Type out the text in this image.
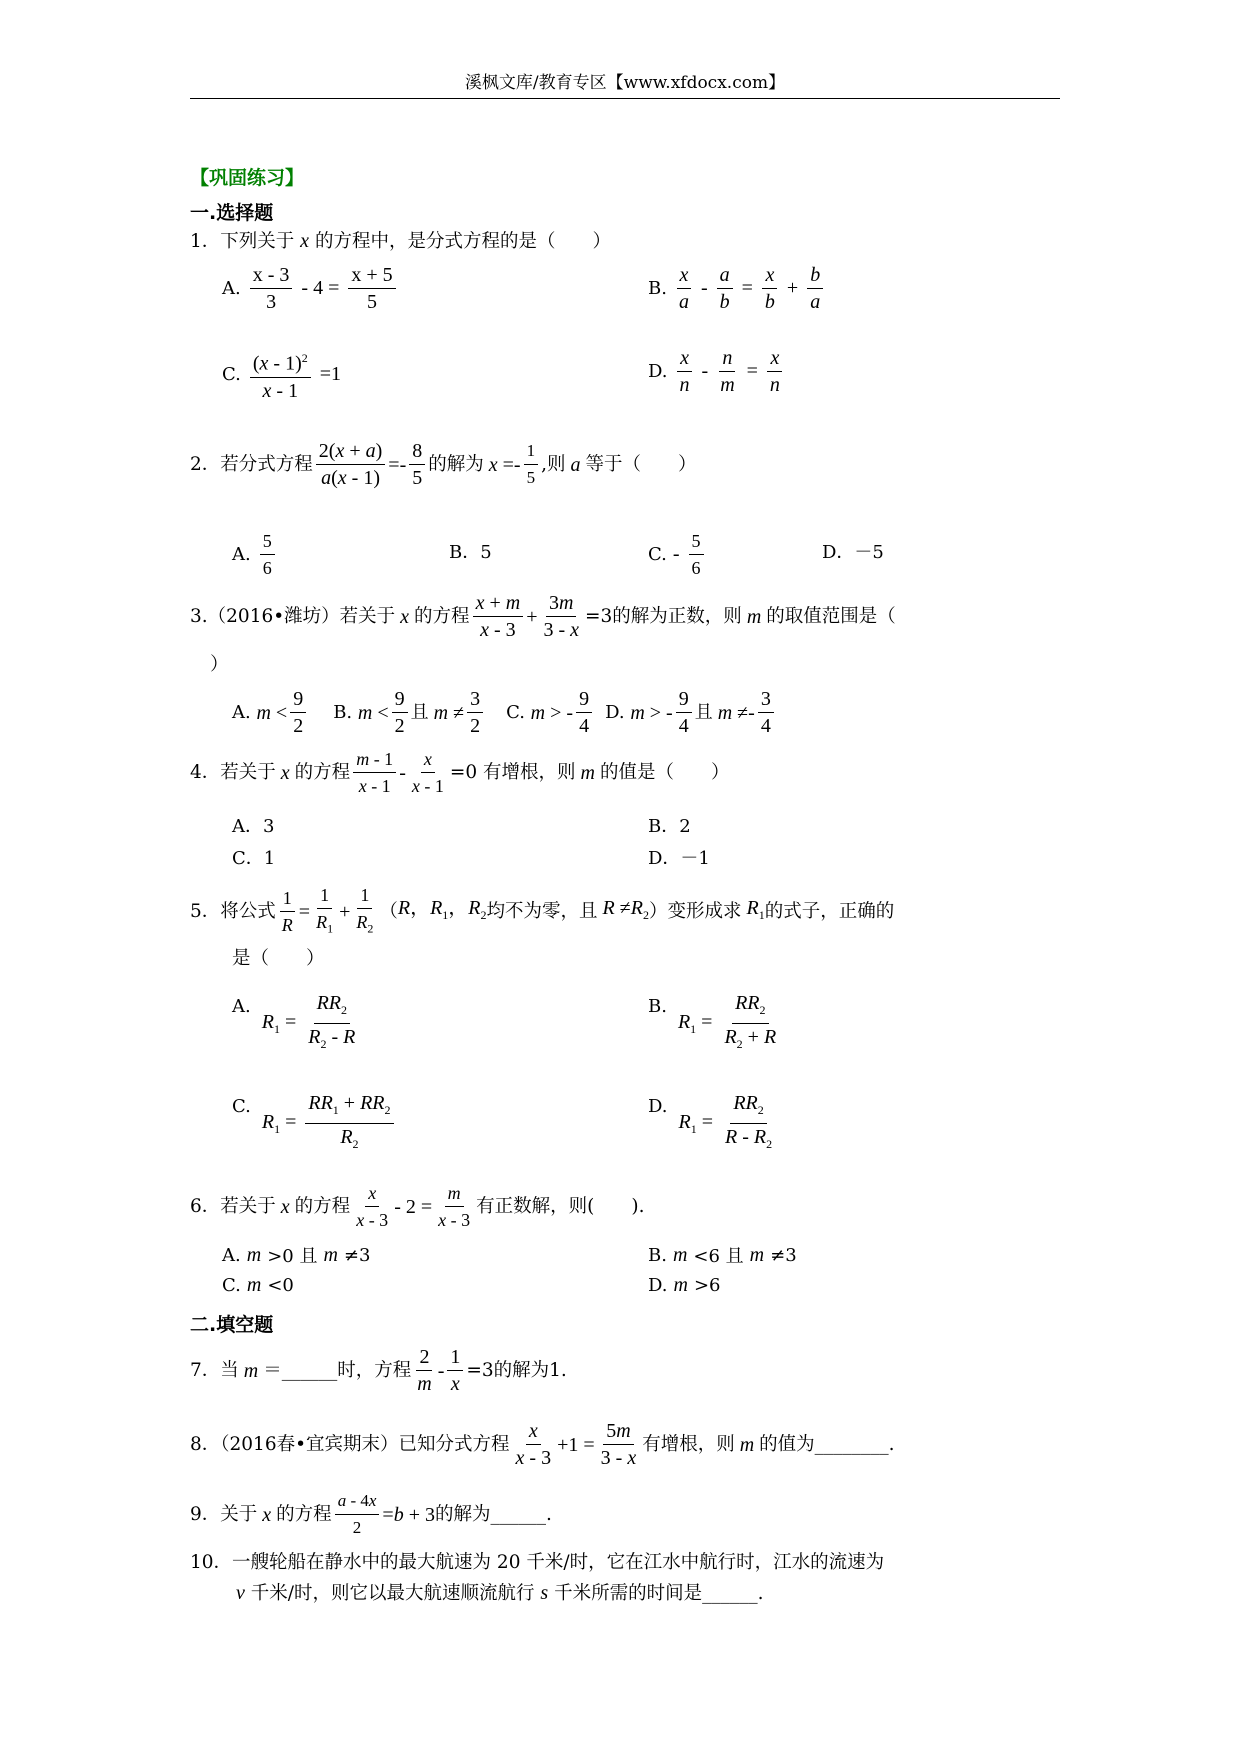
溪枫文库/教育专区【www.xfdocx.com】
【巩固练习】
一.选择题
1．下列关于 x 的方程中，是分式方程的是（　　）
A. $\frac{x - 3}{3} - 4 = \frac{x + 5}{5}$	B. $\frac{x}{a} - \frac{a}{b} = \frac{x}{b} + \frac{b}{a}$
C. $\frac{(x - 1)^2}{x - 1} =1$	D. $\frac{x}{n} - \frac{n}{m} = \frac{x}{n}$
2．若分式方程 $\frac{2(x + a)}{a(x - 1)} =- \frac{8}{5}$ 的解为 $x =- \frac{1}{5}$ , 则 a 等于（　　）
A. $\frac{5}{6}$	B．5	C. - $\frac{5}{6}$	D．－5
3.（2016•潍坊）若关于 x 的方程 $\frac{x + m}{x - 3} + \frac{3m}{3 - x} =3$的解为正数，则 m 的取值范围是（
）
A.
$m < \frac{9}{2} B$.
$m < \frac{9}{2}$ 且 $m \ne \frac{3}{2} C$.
m > - $\frac{9}{4} D$.
m > - $\frac{9}{4}$ 且 $m \ne- \frac{3}{4}$
4．若关于 x 的方程 $\frac{m - 1}{x - 1} - \frac{x}{x - 1} =0$ 有增根，则 m 的值是（　　）
A．3	B．2
C．1	D．－1
5．将公式 $\frac{1}{R} = \frac{1}{R_1} + \frac{1}{R_2}$ （ R，$R_1$，$R_2$ 均不为零，且 $R \ne R_2$ ）变形成求 $R_1$ 的式子，正确的
是（　　）
A.
$R_1 = \frac{RR_2}{R_2 - R}$	B.
$R_1 = \frac{RR_2}{R_2 + R}$
C.
$R_1 = \frac{RR_1 + RR_2}{R_2}$	D.
$R_1 = \frac{RR_2}{R - R_2}$
6．若关于 x 的方程 $\frac{x}{x - 3} - 2 = \frac{m}{x - 3}$ 有正数解，则(　　).
A. m >0 且 m ≠3	B. m <6 且 m ≠3
C. m <0	D. m >6
二.填空题
7．当 m ＝______时，方程 $\frac{2}{m} - \frac{1}{x} =3$的解为1.
8．（2016春•宜宾期末）已知分式方程 $\frac{x}{x - 3} +1 = \frac{5m}{3 - x}$ 有增根，则 m 的值为________.
9．关于 x 的方程 $\frac{a - 4x}{2} =b + 3$ 的解为______.
10．一艘轮船在静水中的最大航速为 20 千米/时，它在江水中航行时，江水的流速为
v 千米/时，则它以最大航速顺流航行 s 千米所需的时间是______.
